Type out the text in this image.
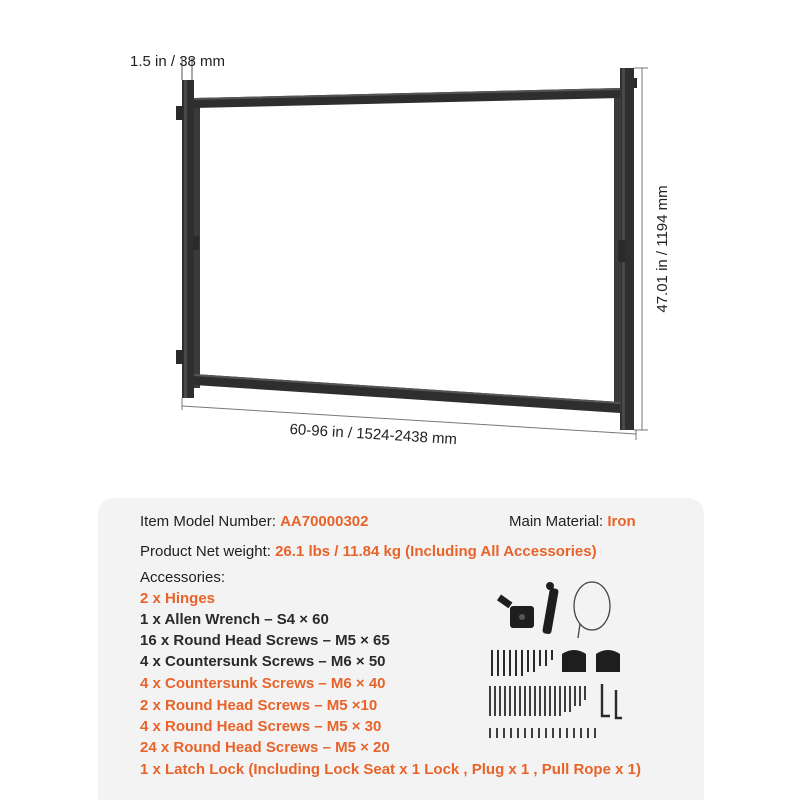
1.5 in / 38 mm
47.01 in / 1194 mm
60-96 in / 1524-2438 mm
Item Model Number: AA70000302	Main Material: Iron
Product Net weight: 26.1 lbs / 11.84 kg (Including All Accessories)
Accessories:
2 x Hinges
1 x Allen Wrench – S4 × 60
16 x Round Head Screws – M5 × 65
4 x Countersunk Screws – M6 × 50
4 x Countersunk Screws – M6 × 40
2 x Round Head Screws – M5 ×10
4 x Round Head Screws – M5 × 30
24 x Round Head Screws – M5 × 20
1 x Latch Lock (Including Lock Seat x 1 Lock , Plug x 1 , Pull Rope x 1)
